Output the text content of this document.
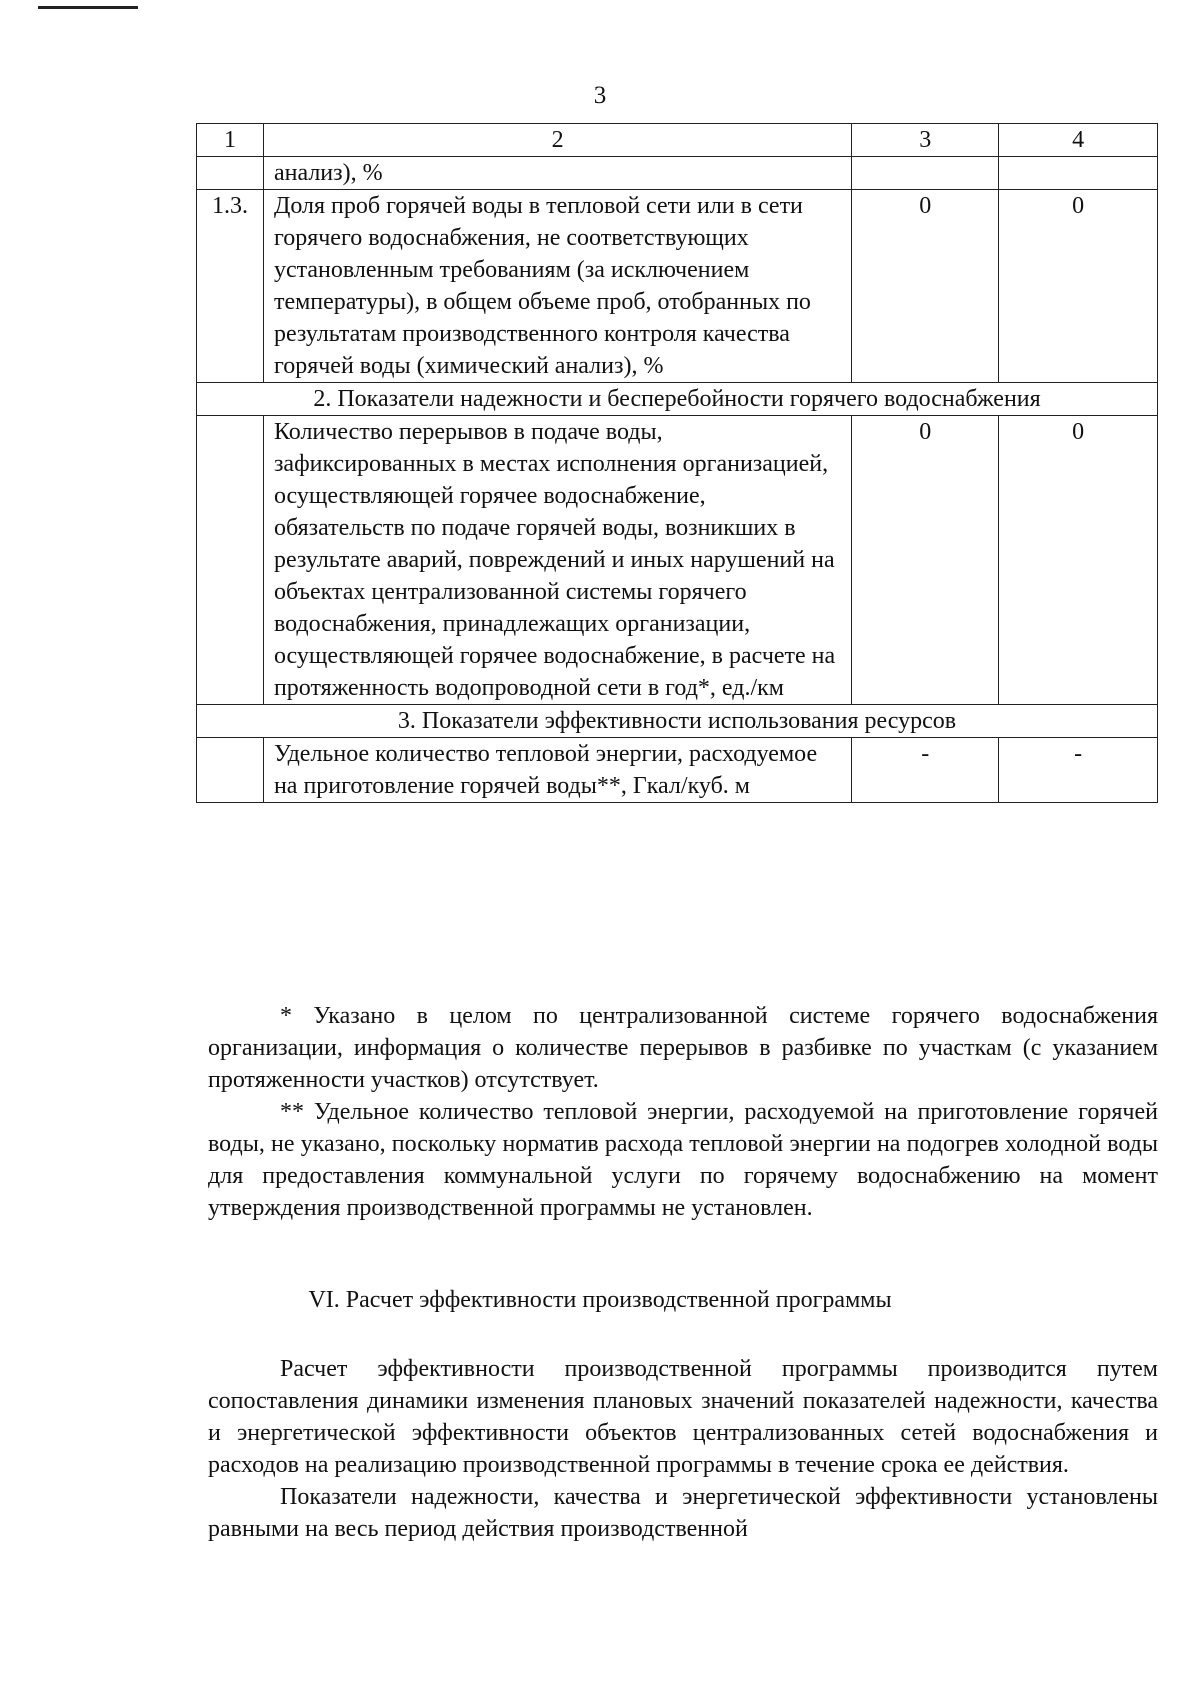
3
1	2	3	4
	анализ), %		
1.3.	Доля проб горячей воды в тепловой сети или в сети горячего водоснабжения, не соответствующих установленным требованиям (за исключением температуры), в общем объеме проб, отобранных по результатам производственного контроля качества горячей воды (химический анализ), %	0	0
2. Показатели надежности и бесперебойности горячего водоснабжения			
	Количество перерывов в подаче воды, зафиксированных в местах исполнения организацией, осуществляющей горячее водоснабжение, обязательств по подаче горячей воды, возникших в результате аварий, повреждений и иных нарушений на объектах централизованной системы горячего водоснабжения, принадлежащих организации, осуществляющей горячее водоснабжение, в расчете на протяженность водопроводной сети в год*, ед./км	0	0
3. Показатели эффективности использования ресурсов			
	Удельное количество тепловой энергии, расходуемое на приготовление горячей воды**, Гкал/куб. м	-	-

* Указано в целом по централизованной системе горячего водоснабжения организации, информация о количестве перерывов в разбивке по участкам (с указанием протяженности участков) отсутствует.

** Удельное количество тепловой энергии, расходуемой на приготовление горячей воды, не указано, поскольку норматив расхода тепловой энергии на подогрев холодной воды для предоставления коммунальной услуги по горячему водоснабжению на момент утверждения производственной программы не установлен.

VI. Расчет эффективности производственной программы

Расчет эффективности производственной программы производится путем сопоставления динамики изменения плановых значений показателей надежности, качества и энергетической эффективности объектов централизованных сетей водоснабжения и расходов на реализацию производственной программы в течение срока ее действия.

Показатели надежности, качества и энергетической эффективности установлены равными на весь период действия производственной
